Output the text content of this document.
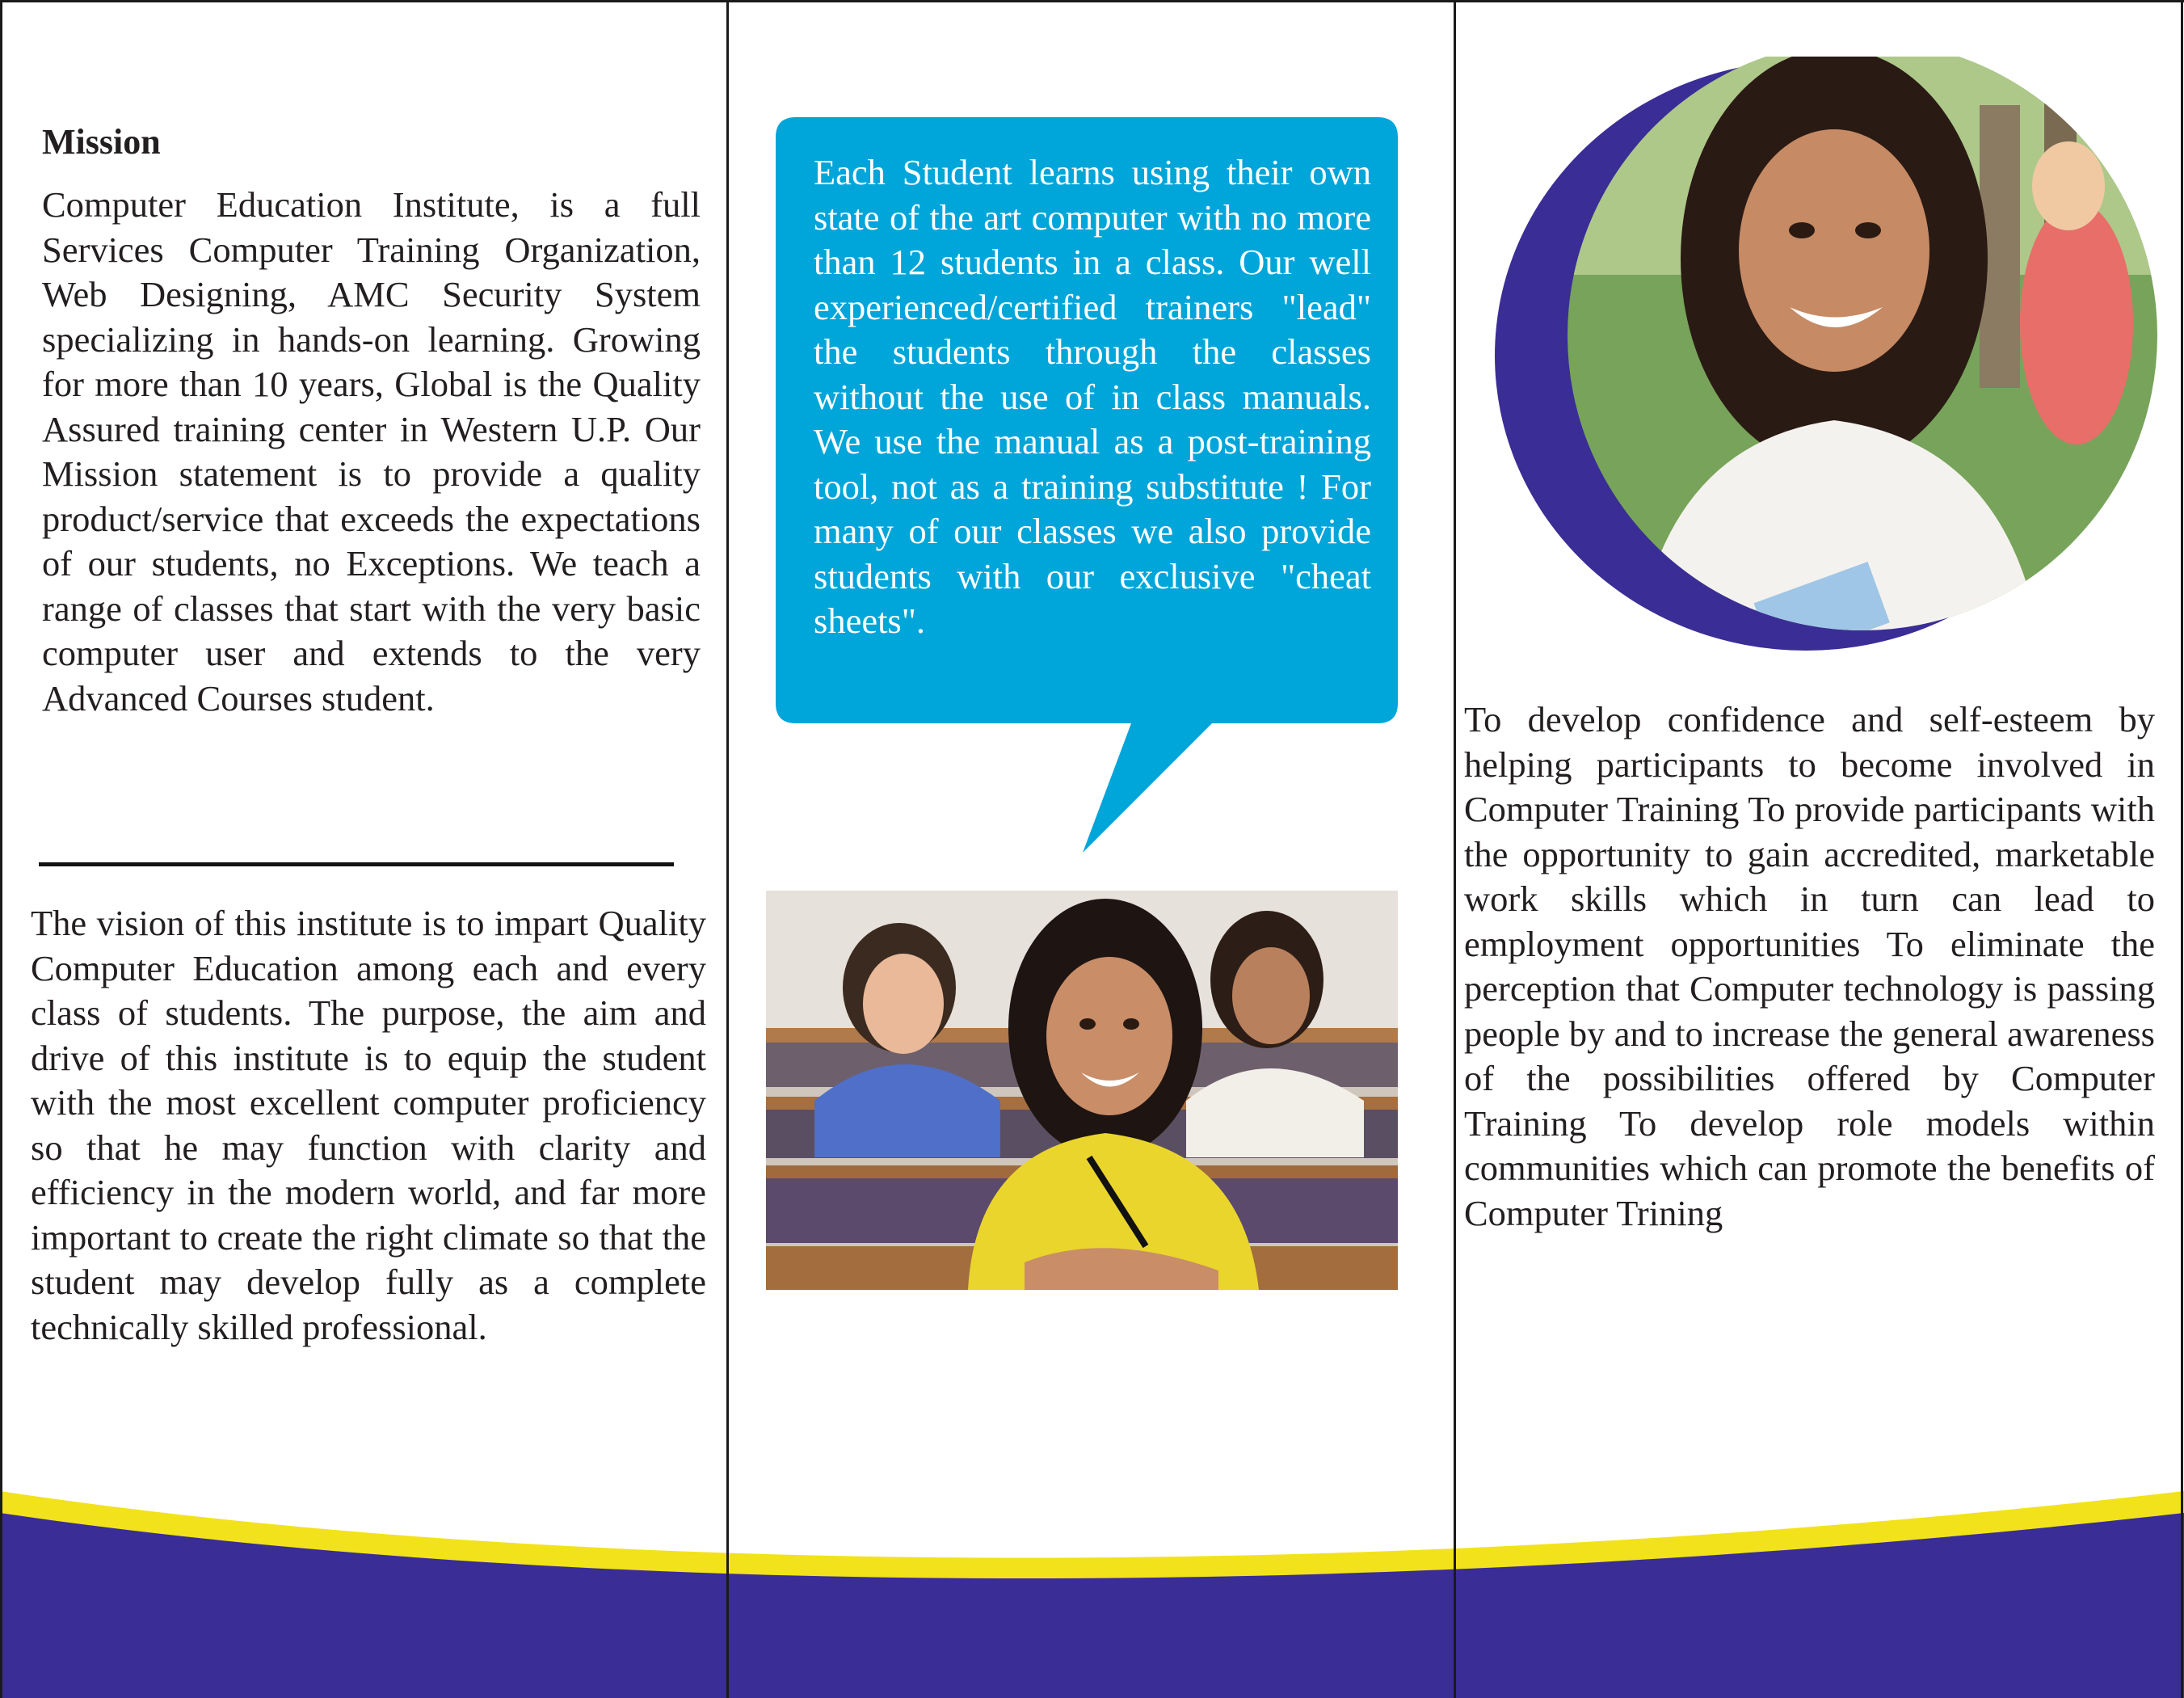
Mission
Computer Education Institute, is a full Services Computer Training Organization, Web Designing, AMC Security System specializing in hands-on learning. Growing for more than 10 years, Global is the Quality Assured training center in Western U.P. Our Mission statement is to provide a quality product/service that exceeds the expectations of our students, no Exceptions. We teach a range of classes that start with the very basic computer user and extends to the very Advanced Courses student.
The vision of this institute is to impart Quality Computer Education among each and every class of students. The purpose, the aim and drive of this institute is to equip the student with the most excellent computer proficiency so that he may function with clarity and efficiency in the modern world, and far more important to create the right climate so that the student may develop fully as a complete technically skilled professional.
Each Student learns using their own state of the art computer with no more than 12 students in a class. Our well experienced/certified trainers "lead" the students through the classes without the use of in class manuals. We use the manual as a post-training tool, not as a training substitute ! For many of our classes we also provide students with our exclusive "cheat sheets".
To develop confidence and self-esteem by helping participants to become involved in Computer Training To provide participants with the opportunity to gain accredited, marketable work skills which in turn can lead to employment opportunities To eliminate the perception that Computer technology is passing people by and to increase the general awareness of the possibilities offered by Computer Training To develop role models within communities which can promote the benefits of Computer Trining
